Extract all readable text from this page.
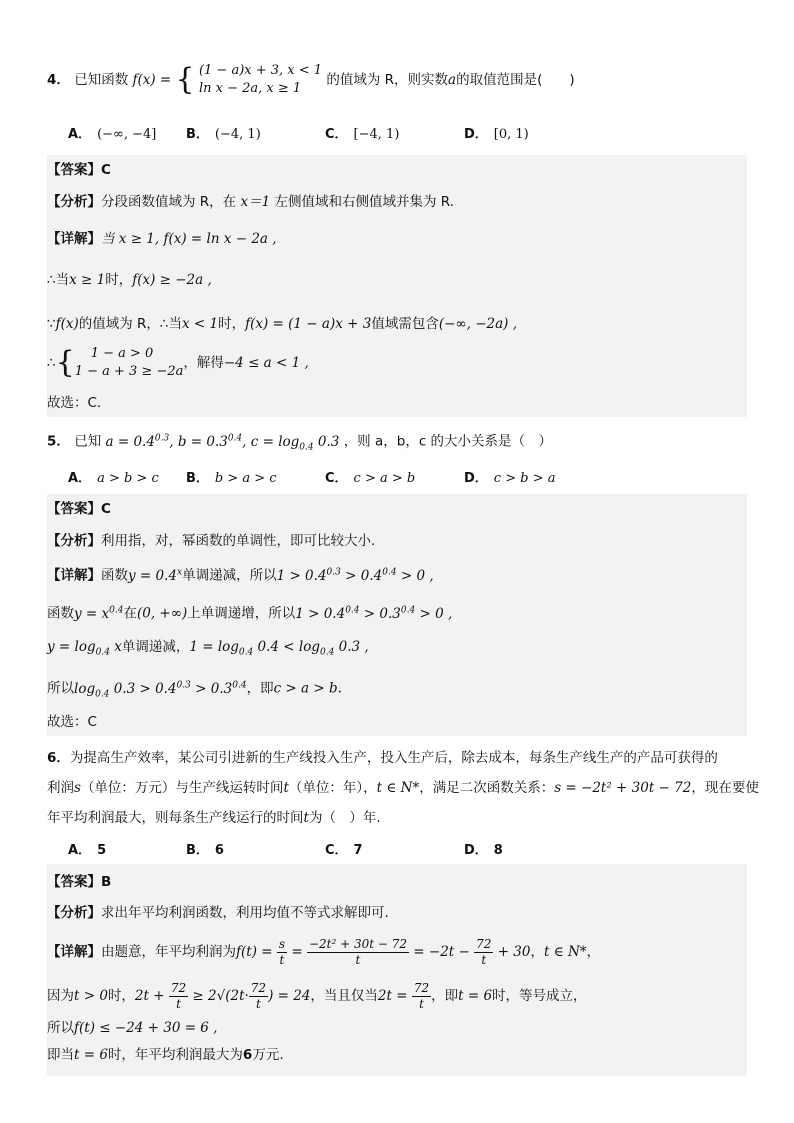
4． 已知函数 f(x) = { (1 − a)x + 3, x < 1
ln x − 2a, x ≥ 1
的值域为 R，则实数a的取值范围是(　　)
A． (−∞, −4] B． (−4, 1)	C． [−4, 1)	D． [0, 1)
【答案】C
【分析】分段函数值域为 R，在 x＝1 左侧值域和右侧值域并集为 R.
【详解】当 x ≥ 1, f(x) = ln x − 2a ,
∴当x ≥ 1时，f(x) ≥ −2a ,
∵f(x)的值域为 R，∴当x < 1时，f(x) = (1 − a)x + 3值域需包含(−∞, −2a) ,
∴{	1 − a > 0
1 − a + 3 ≥ −2a
，解得−4 ≤ a < 1 ,
故选：C.
5． 已知 $a = 0.4^{0.3}$, $b = 0.3^{0.4}$, $c = \log_{0.4} 0.3$ ，则 a，b，c 的大小关系是（　）
A． a > b > c B． b > a > c	C． c > a > b	D． c > b > a
【答案】C
【分析】利用指，对，幂函数的单调性，即可比较大小.
【详解】函数$y = 0.4^x$单调递减，所以$1 > 0.4^{0.3} > 0.4^{0.4} > 0$ ,
函数$y = x^{0.4}$在(0, +∞)上单调递增，所以$1 > 0.4^{0.4} > 0.3^{0.4} > 0$ ,
$y = \log_{0.4} x$单调递减，$1 = \log_{0.4} 0.4 < \log_{0.4} 0.3$ ,
所以$\log_{0.4} 0.3 > 0.4^{0.3} > 0.3^{0.4}$，即c > a > b.
故选：C
6．为提高生产效率，某公司引进新的生产线投入生产，投入生产后，除去成本，每条生产线生产的产品可获得的
利润s（单位：万元）与生产线运转时间t（单位：年），t ∈ N*，满足二次函数关系：s = −2t² + 30t − 72，现在要使
年平均利润最大，则每条生产线运行的时间t为（　）年.
A． 5	B． 6	C． 7	D． 8
【答案】B
【分析】求出年平均利润函数，利用均值不等式求解即可.
【详解】由题意，年平均利润为$f(t) = \frac{s}{t} = \frac{\text{−2t² + 30t − 72}}{t} = -2t - \frac{72}{t} + 30$，t ∈ N*，
因为t > 0时，$2t + \frac{72}{t} \ge 2√(2t\cdot \frac{72}{t}$ ) = 24，当且仅当$2t = \frac{72}{t}$ ，即t = 6时，等号成立，
所以f(t) ≤ −24 + 30 = 6 ,
即当t = 6时，年平均利润最大为6万元.
